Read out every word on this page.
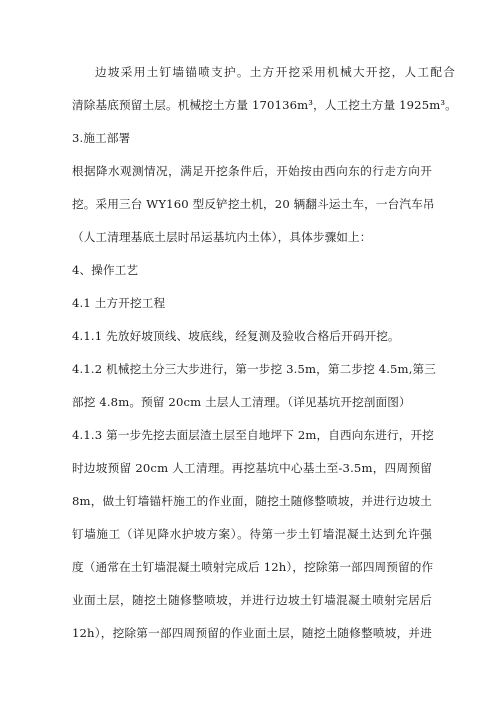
边坡采用土钉墙锚喷支护。土方开挖采用机械大开挖，人工配合
清除基底预留土层。机械挖土方量 170136m³，人工挖土方量 1925m³。
3.施工部署
根据降水观测情况，满足开挖条件后，开始按由西向东的行走方向开
挖。采用三台 WY160 型反铲挖土机，20 辆翻斗运土车，一台汽车吊
（人工清理基底土层时吊运基坑内土体），具体步骤如上：
4、操作工艺
4.1 土方开挖工程
4.1.1 先放好坡顶线、坡底线，经复测及验收合格后开码开挖。
4.1.2 机械挖土分三大步进行，第一步挖 3.5m，第二步挖 4.5m,第三
部挖 4.8m。预留 20cm 土层人工清理。（详见基坑开挖剖面图）
4.1.3 第一步先挖去面层渣土层至自地坪下 2m，自西向东进行，开挖
时边坡预留 20cm 人工清理。再挖基坑中心基土至-3.5m，四周预留
8m，做土钉墙锚杆施工的作业面，随挖土随修整喷坡，并进行边坡土
钉墙施工（详见降水护坡方案）。待第一步土钉墙混凝土达到允许强
度（通常在土钉墙混凝土喷射完成后 12h），挖除第一部四周预留的作
业面土层，随挖土随修整喷坡，并进行边坡土钉墙混凝土喷射完居后
12h），挖除第一部四周预留的作业面土层，随挖土随修整喷坡，并进
